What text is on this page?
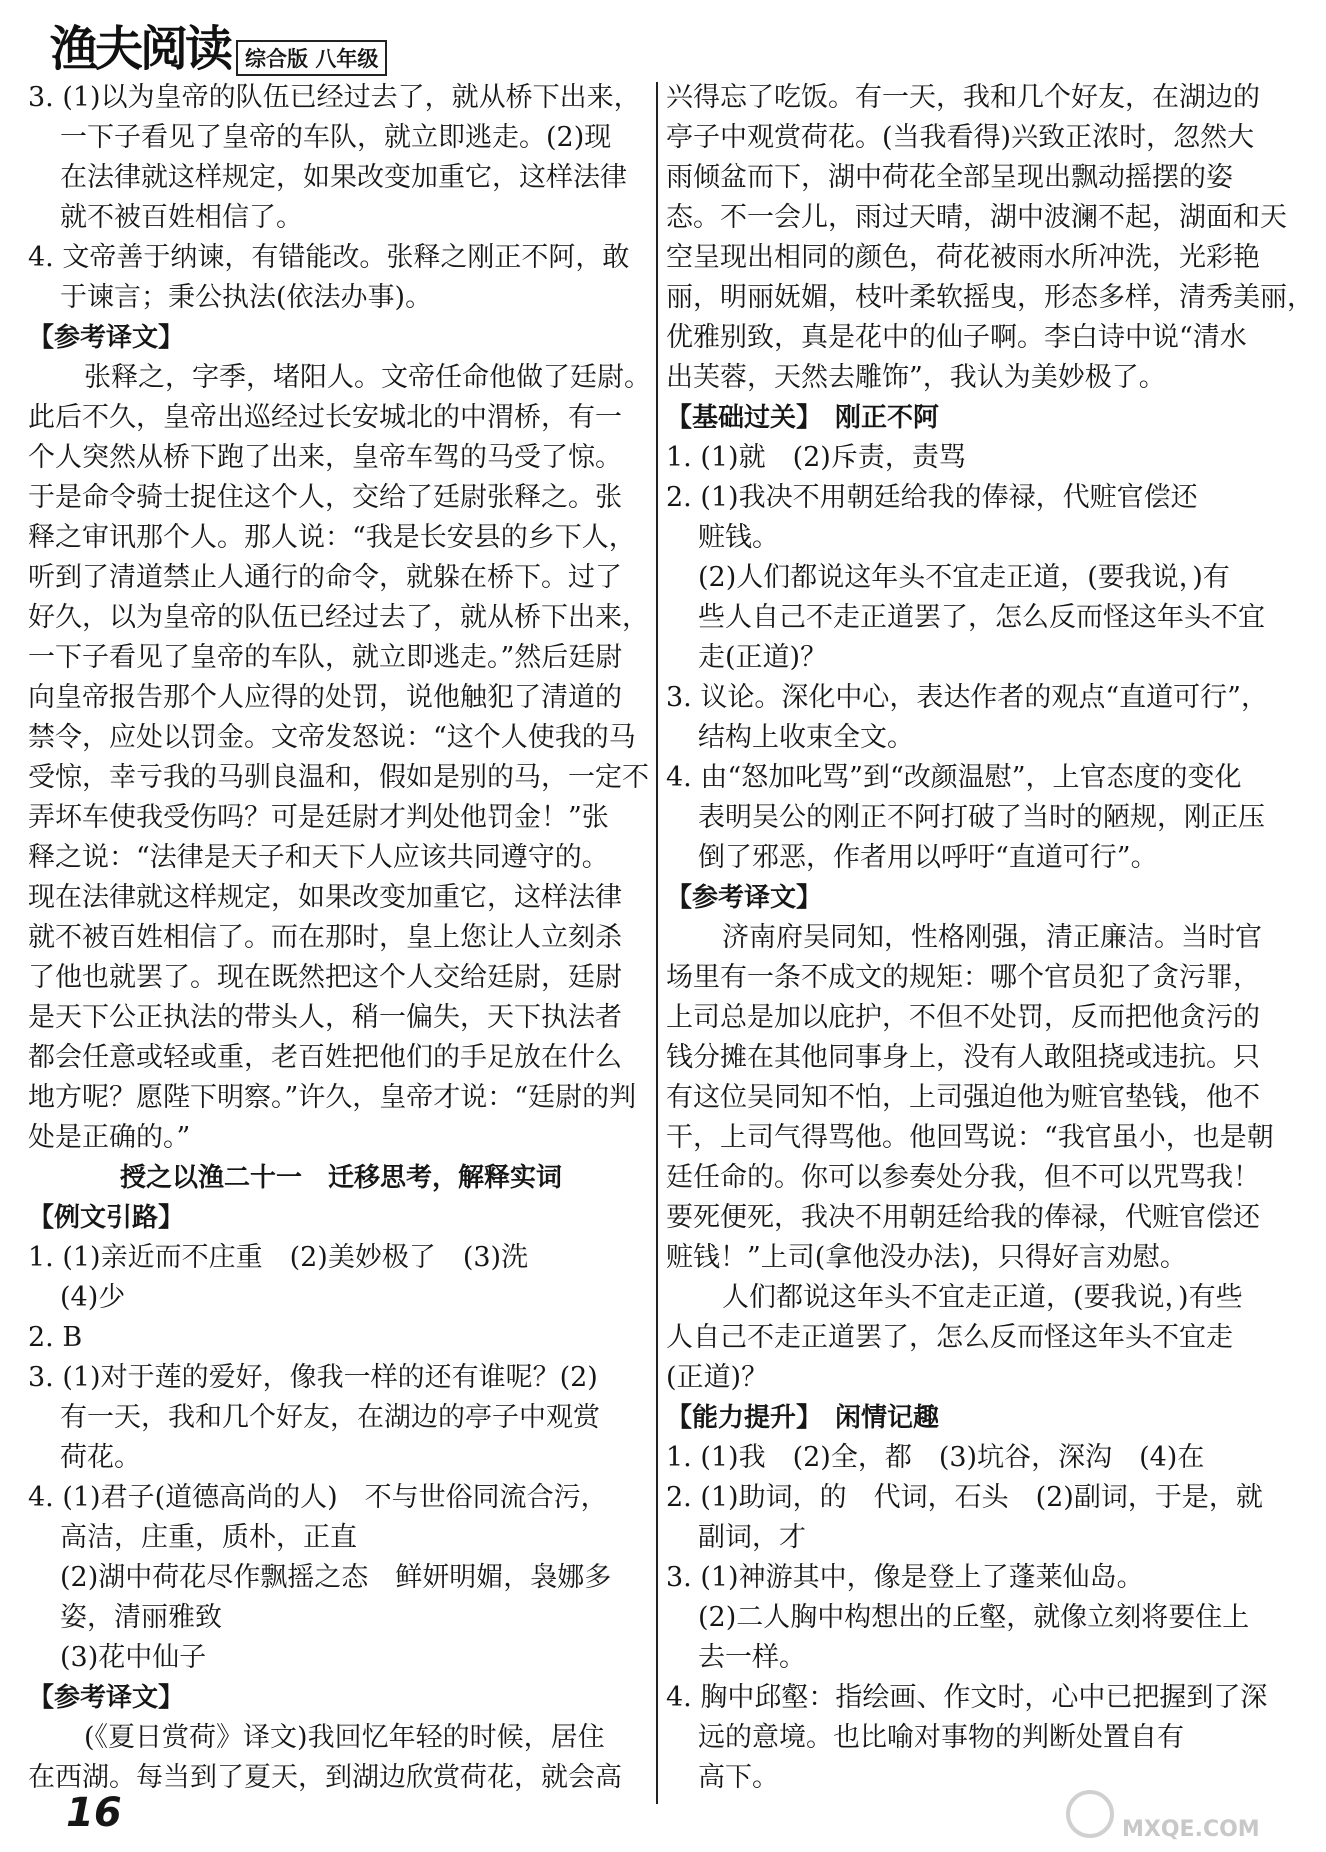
渔夫阅读 综合版 八年级
3. (1)以为皇帝的队伍已经过去了，就从桥下出来，
一下子看见了皇帝的车队，就立即逃走。(2)现
在法律就这样规定，如果改变加重它，这样法律
就不被百姓相信了。
4. 文帝善于纳谏，有错能改。张释之刚正不阿，敢
于谏言；秉公执法(依法办事)。
【参考译文】
张释之，字季，堵阳人。文帝任命他做了廷尉。
此后不久，皇帝出巡经过长安城北的中渭桥，有一
个人突然从桥下跑了出来，皇帝车驾的马受了惊。
于是命令骑士捉住这个人，交给了廷尉张释之。张
释之审讯那个人。那人说：“我是长安县的乡下人，
听到了清道禁止人通行的命令，就躲在桥下。过了
好久，以为皇帝的队伍已经过去了，就从桥下出来，
一下子看见了皇帝的车队，就立即逃走。”然后廷尉
向皇帝报告那个人应得的处罚，说他触犯了清道的
禁令，应处以罚金。文帝发怒说：“这个人使我的马
受惊，幸亏我的马驯良温和，假如是别的马，一定不
弄坏车使我受伤吗？可是廷尉才判处他罚金！”张
释之说：“法律是天子和天下人应该共同遵守的。
现在法律就这样规定，如果改变加重它，这样法律
就不被百姓相信了。而在那时，皇上您让人立刻杀
了他也就罢了。现在既然把这个人交给廷尉，廷尉
是天下公正执法的带头人，稍一偏失，天下执法者
都会任意或轻或重，老百姓把他们的手足放在什么
地方呢？愿陛下明察。”许久，皇帝才说：“廷尉的判
处是正确的。”
授之以渔二十一　迁移思考，解释实词
【例文引路】
1. (1)亲近而不庄重　(2)美妙极了　(3)洗
(4)少
2. B
3. (1)对于莲的爱好，像我一样的还有谁呢？(2)
有一天，我和几个好友，在湖边的亭子中观赏
荷花。
4. (1)君子(道德高尚的人)　不与世俗同流合污，
高洁，庄重，质朴，正直
(2)湖中荷花尽作飘摇之态　鲜妍明媚，袅娜多
姿，清丽雅致
(3)花中仙子
【参考译文】
(《夏日赏荷》译文)我回忆年轻的时候，居住
在西湖。每当到了夏天，到湖边欣赏荷花，就会高
兴得忘了吃饭。有一天，我和几个好友，在湖边的
亭子中观赏荷花。(当我看得)兴致正浓时，忽然大
雨倾盆而下，湖中荷花全部呈现出飘动摇摆的姿
态。不一会儿，雨过天晴，湖中波澜不起，湖面和天
空呈现出相同的颜色，荷花被雨水所冲洗，光彩艳
丽，明丽妩媚，枝叶柔软摇曳，形态多样，清秀美丽，
优雅别致，真是花中的仙子啊。李白诗中说“清水
出芙蓉，天然去雕饰”，我认为美妙极了。
【基础过关】　刚正不阿
1. (1)就　(2)斥责，责骂
2. (1)我决不用朝廷给我的俸禄，代赃官偿还
赃钱。
(2)人们都说这年头不宜走正道，(要我说，)有
些人自己不走正道罢了，怎么反而怪这年头不宜
走(正道)？
3. 议论。深化中心，表达作者的观点“直道可行”，
结构上收束全文。
4. 由“怒加叱骂”到“改颜温慰”，上官态度的变化
表明吴公的刚正不阿打破了当时的陋规，刚正压
倒了邪恶，作者用以呼吁“直道可行”。
【参考译文】
济南府吴同知，性格刚强，清正廉洁。当时官
场里有一条不成文的规矩：哪个官员犯了贪污罪，
上司总是加以庇护，不但不处罚，反而把他贪污的
钱分摊在其他同事身上，没有人敢阻挠或违抗。只
有这位吴同知不怕，上司强迫他为赃官垫钱，他不
干，上司气得骂他。他回骂说：“我官虽小，也是朝
廷任命的。你可以参奏处分我，但不可以咒骂我！
要死便死，我决不用朝廷给我的俸禄，代赃官偿还
赃钱！”上司(拿他没办法)，只得好言劝慰。
人们都说这年头不宜走正道，(要我说，)有些
人自己不走正道罢了，怎么反而怪这年头不宜走
(正道)？
【能力提升】　闲情记趣
1. (1)我　(2)全，都　(3)坑谷，深沟　(4)在
2. (1)助词，的　代词，石头　(2)副词，于是，就
副词，才
3. (1)神游其中，像是登上了蓬莱仙岛。
(2)二人胸中构想出的丘壑，就像立刻将要住上
去一样。
4. 胸中邱壑：指绘画、作文时，心中已把握到了深
远的意境。也比喻对事物的判断处置自有
高下。
16	MXQE.COM
